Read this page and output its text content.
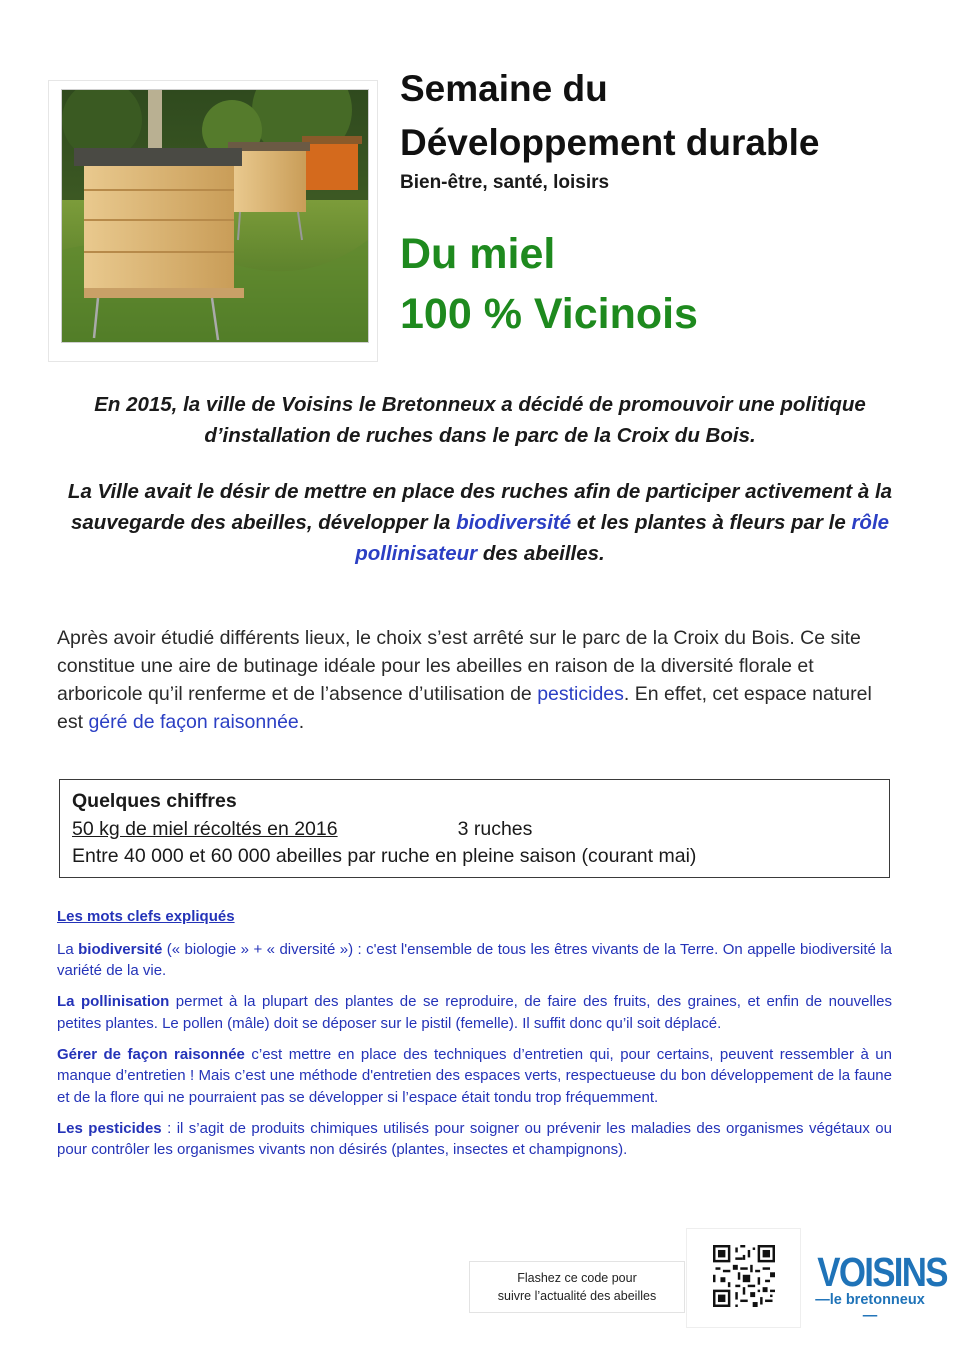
Semaine du
Développement durable
Bien-être, santé, loisirs
Du miel
100 % Vicinois
En 2015, la ville de Voisins le Bretonneux a décidé de promouvoir une politique d’installation de ruches dans le parc de la Croix du Bois.
La Ville avait le désir de mettre en place des ruches afin de participer activement à la sauvegarde des abeilles, développer la biodiversité et les plantes à fleurs par le rôle pollinisateur des abeilles.
Après avoir étudié différents lieux, le choix s’est arrêté sur le parc de la Croix du Bois. Ce site constitue une aire de butinage idéale pour les abeilles en raison de la diversité florale et arboricole qu’il renferme et de l’absence d’utilisation de pesticides. En effet, cet espace naturel est géré de façon raisonnée.
Quelques chiffres
50 kg de miel récoltés en 2016	3 ruches
Entre 40 000 et 60 000 abeilles par ruche en pleine saison (courant mai)

Les mots clefs expliqués

La biodiversité (« biologie » + « diversité ») : c'est l'ensemble de tous les êtres vivants de la Terre. On appelle biodiversité la variété de la vie.

La pollinisation permet à la plupart des plantes de se reproduire, de faire des fruits, des graines, et enfin de nouvelles petites plantes. Le pollen (mâle) doit se déposer sur le pistil (femelle). Il suffit donc qu’il soit déplacé.

Gérer de façon raisonnée c’est mettre en place des techniques d’entretien qui, pour certains, peuvent ressembler à un manque d’entretien ! Mais c’est une méthode d'entretien des espaces verts, respectueuse du bon développement de la faune et de la flore qui ne pourraient pas se développer si l’espace était tondu trop fréquemment.

Les pesticides : il s’agit de produits chimiques utilisés pour soigner ou prévenir les maladies des organismes végétaux ou pour contrôler les organismes vivants non désirés (plantes, insectes et champignons).

Flashez ce code pour
suivre l’actualité des abeilles
VOISINS
—le bretonneux—
